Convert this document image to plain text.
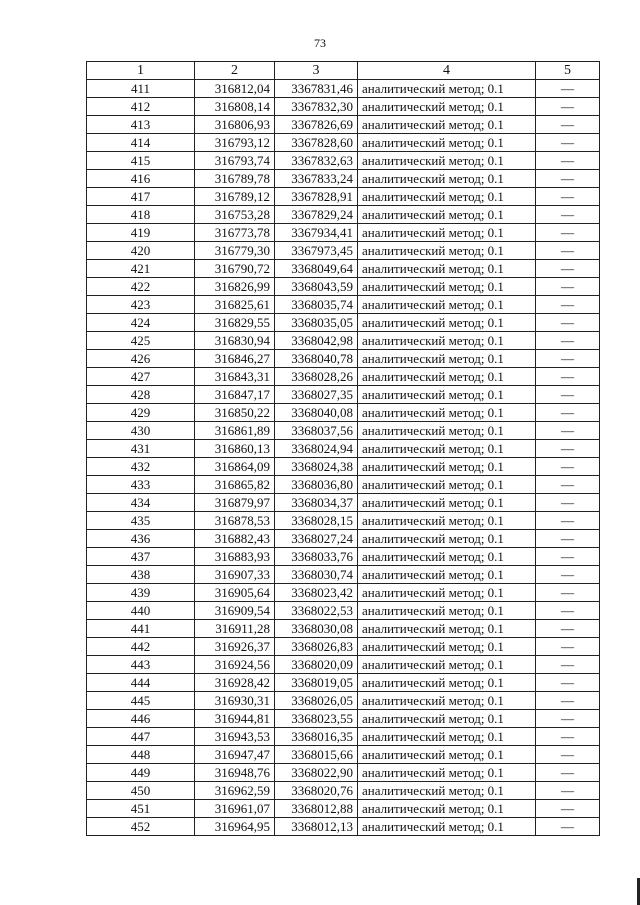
73
1	2	3	4	5
411	316812,04	3367831,46	аналитический метод; 0.1	—
412	316808,14	3367832,30	аналитический метод; 0.1	—
413	316806,93	3367826,69	аналитический метод; 0.1	—
414	316793,12	3367828,60	аналитический метод; 0.1	—
415	316793,74	3367832,63	аналитический метод; 0.1	—
416	316789,78	3367833,24	аналитический метод; 0.1	—
417	316789,12	3367828,91	аналитический метод; 0.1	—
418	316753,28	3367829,24	аналитический метод; 0.1	—
419	316773,78	3367934,41	аналитический метод; 0.1	—
420	316779,30	3367973,45	аналитический метод; 0.1	—
421	316790,72	3368049,64	аналитический метод; 0.1	—
422	316826,99	3368043,59	аналитический метод; 0.1	—
423	316825,61	3368035,74	аналитический метод; 0.1	—
424	316829,55	3368035,05	аналитический метод; 0.1	—
425	316830,94	3368042,98	аналитический метод; 0.1	—
426	316846,27	3368040,78	аналитический метод; 0.1	—
427	316843,31	3368028,26	аналитический метод; 0.1	—
428	316847,17	3368027,35	аналитический метод; 0.1	—
429	316850,22	3368040,08	аналитический метод; 0.1	—
430	316861,89	3368037,56	аналитический метод; 0.1	—
431	316860,13	3368024,94	аналитический метод; 0.1	—
432	316864,09	3368024,38	аналитический метод; 0.1	—
433	316865,82	3368036,80	аналитический метод; 0.1	—
434	316879,97	3368034,37	аналитический метод; 0.1	—
435	316878,53	3368028,15	аналитический метод; 0.1	—
436	316882,43	3368027,24	аналитический метод; 0.1	—
437	316883,93	3368033,76	аналитический метод; 0.1	—
438	316907,33	3368030,74	аналитический метод; 0.1	—
439	316905,64	3368023,42	аналитический метод; 0.1	—
440	316909,54	3368022,53	аналитический метод; 0.1	—
441	316911,28	3368030,08	аналитический метод; 0.1	—
442	316926,37	3368026,83	аналитический метод; 0.1	—
443	316924,56	3368020,09	аналитический метод; 0.1	—
444	316928,42	3368019,05	аналитический метод; 0.1	—
445	316930,31	3368026,05	аналитический метод; 0.1	—
446	316944,81	3368023,55	аналитический метод; 0.1	—
447	316943,53	3368016,35	аналитический метод; 0.1	—
448	316947,47	3368015,66	аналитический метод; 0.1	—
449	316948,76	3368022,90	аналитический метод; 0.1	—
450	316962,59	3368020,76	аналитический метод; 0.1	—
451	316961,07	3368012,88	аналитический метод; 0.1	—
452	316964,95	3368012,13	аналитический метод; 0.1	—
